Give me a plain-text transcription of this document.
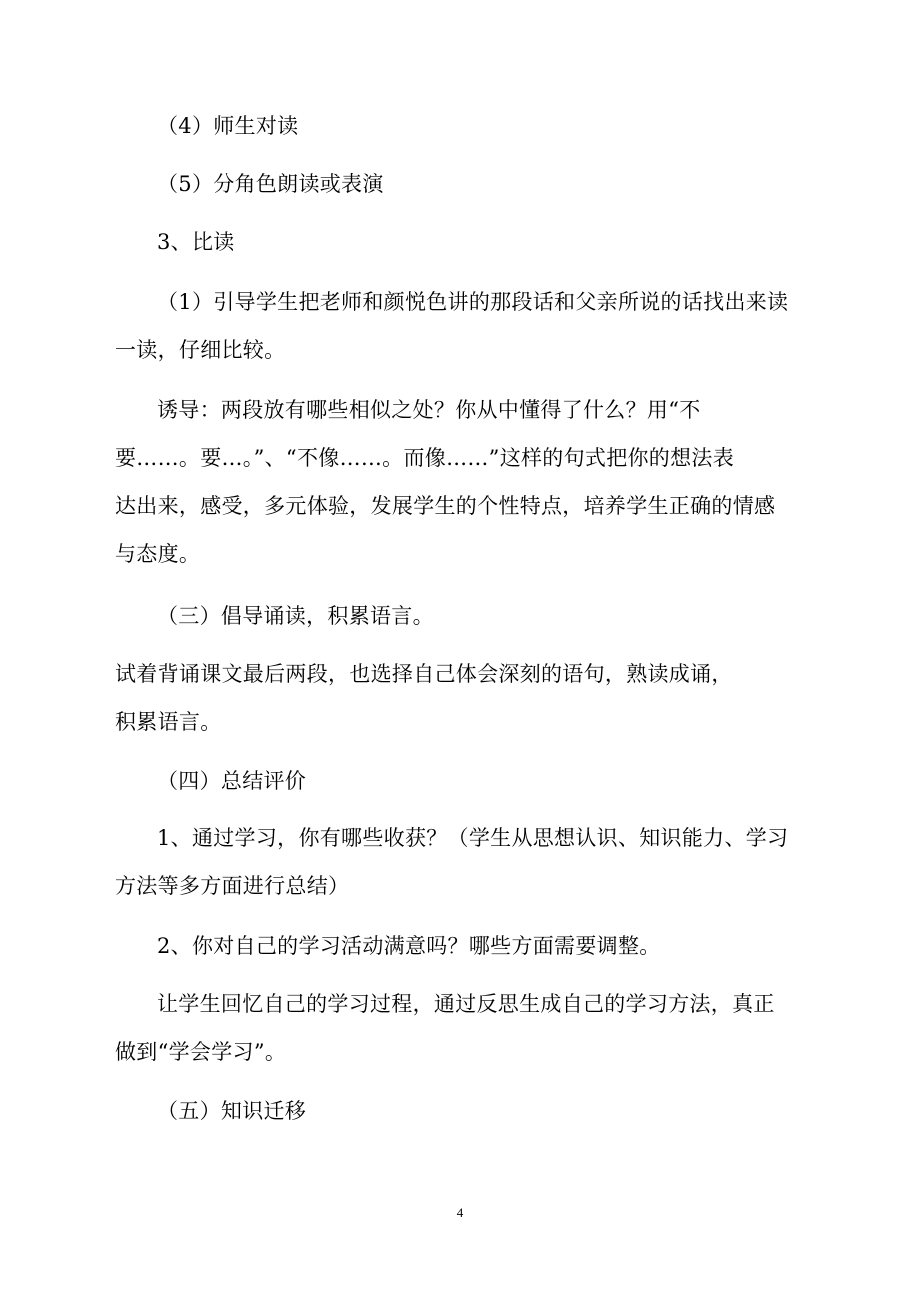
（4）师生对读
（5）分角色朗读或表演
3、比读
（1）引导学生把老师和颜悦色讲的那段话和父亲所说的话找出来读
一读，仔细比较。
诱导：两段放有哪些相似之处？你从中懂得了什么？用“不
要……。要…。”、“不像……。而像……”这样的句式把你的想法表
达出来，感受，多元体验，发展学生的个性特点，培养学生正确的情感
与态度。
（三）倡导诵读，积累语言。
试着背诵课文最后两段，也选择自己体会深刻的语句，熟读成诵，
积累语言。
（四）总结评价
1、通过学习，你有哪些收获？（学生从思想认识、知识能力、学习
方法等多方面进行总结）
2、你对自己的学习活动满意吗？哪些方面需要调整。
让学生回忆自己的学习过程，通过反思生成自己的学习方法，真正
做到“学会学习”。
（五）知识迁移
4
